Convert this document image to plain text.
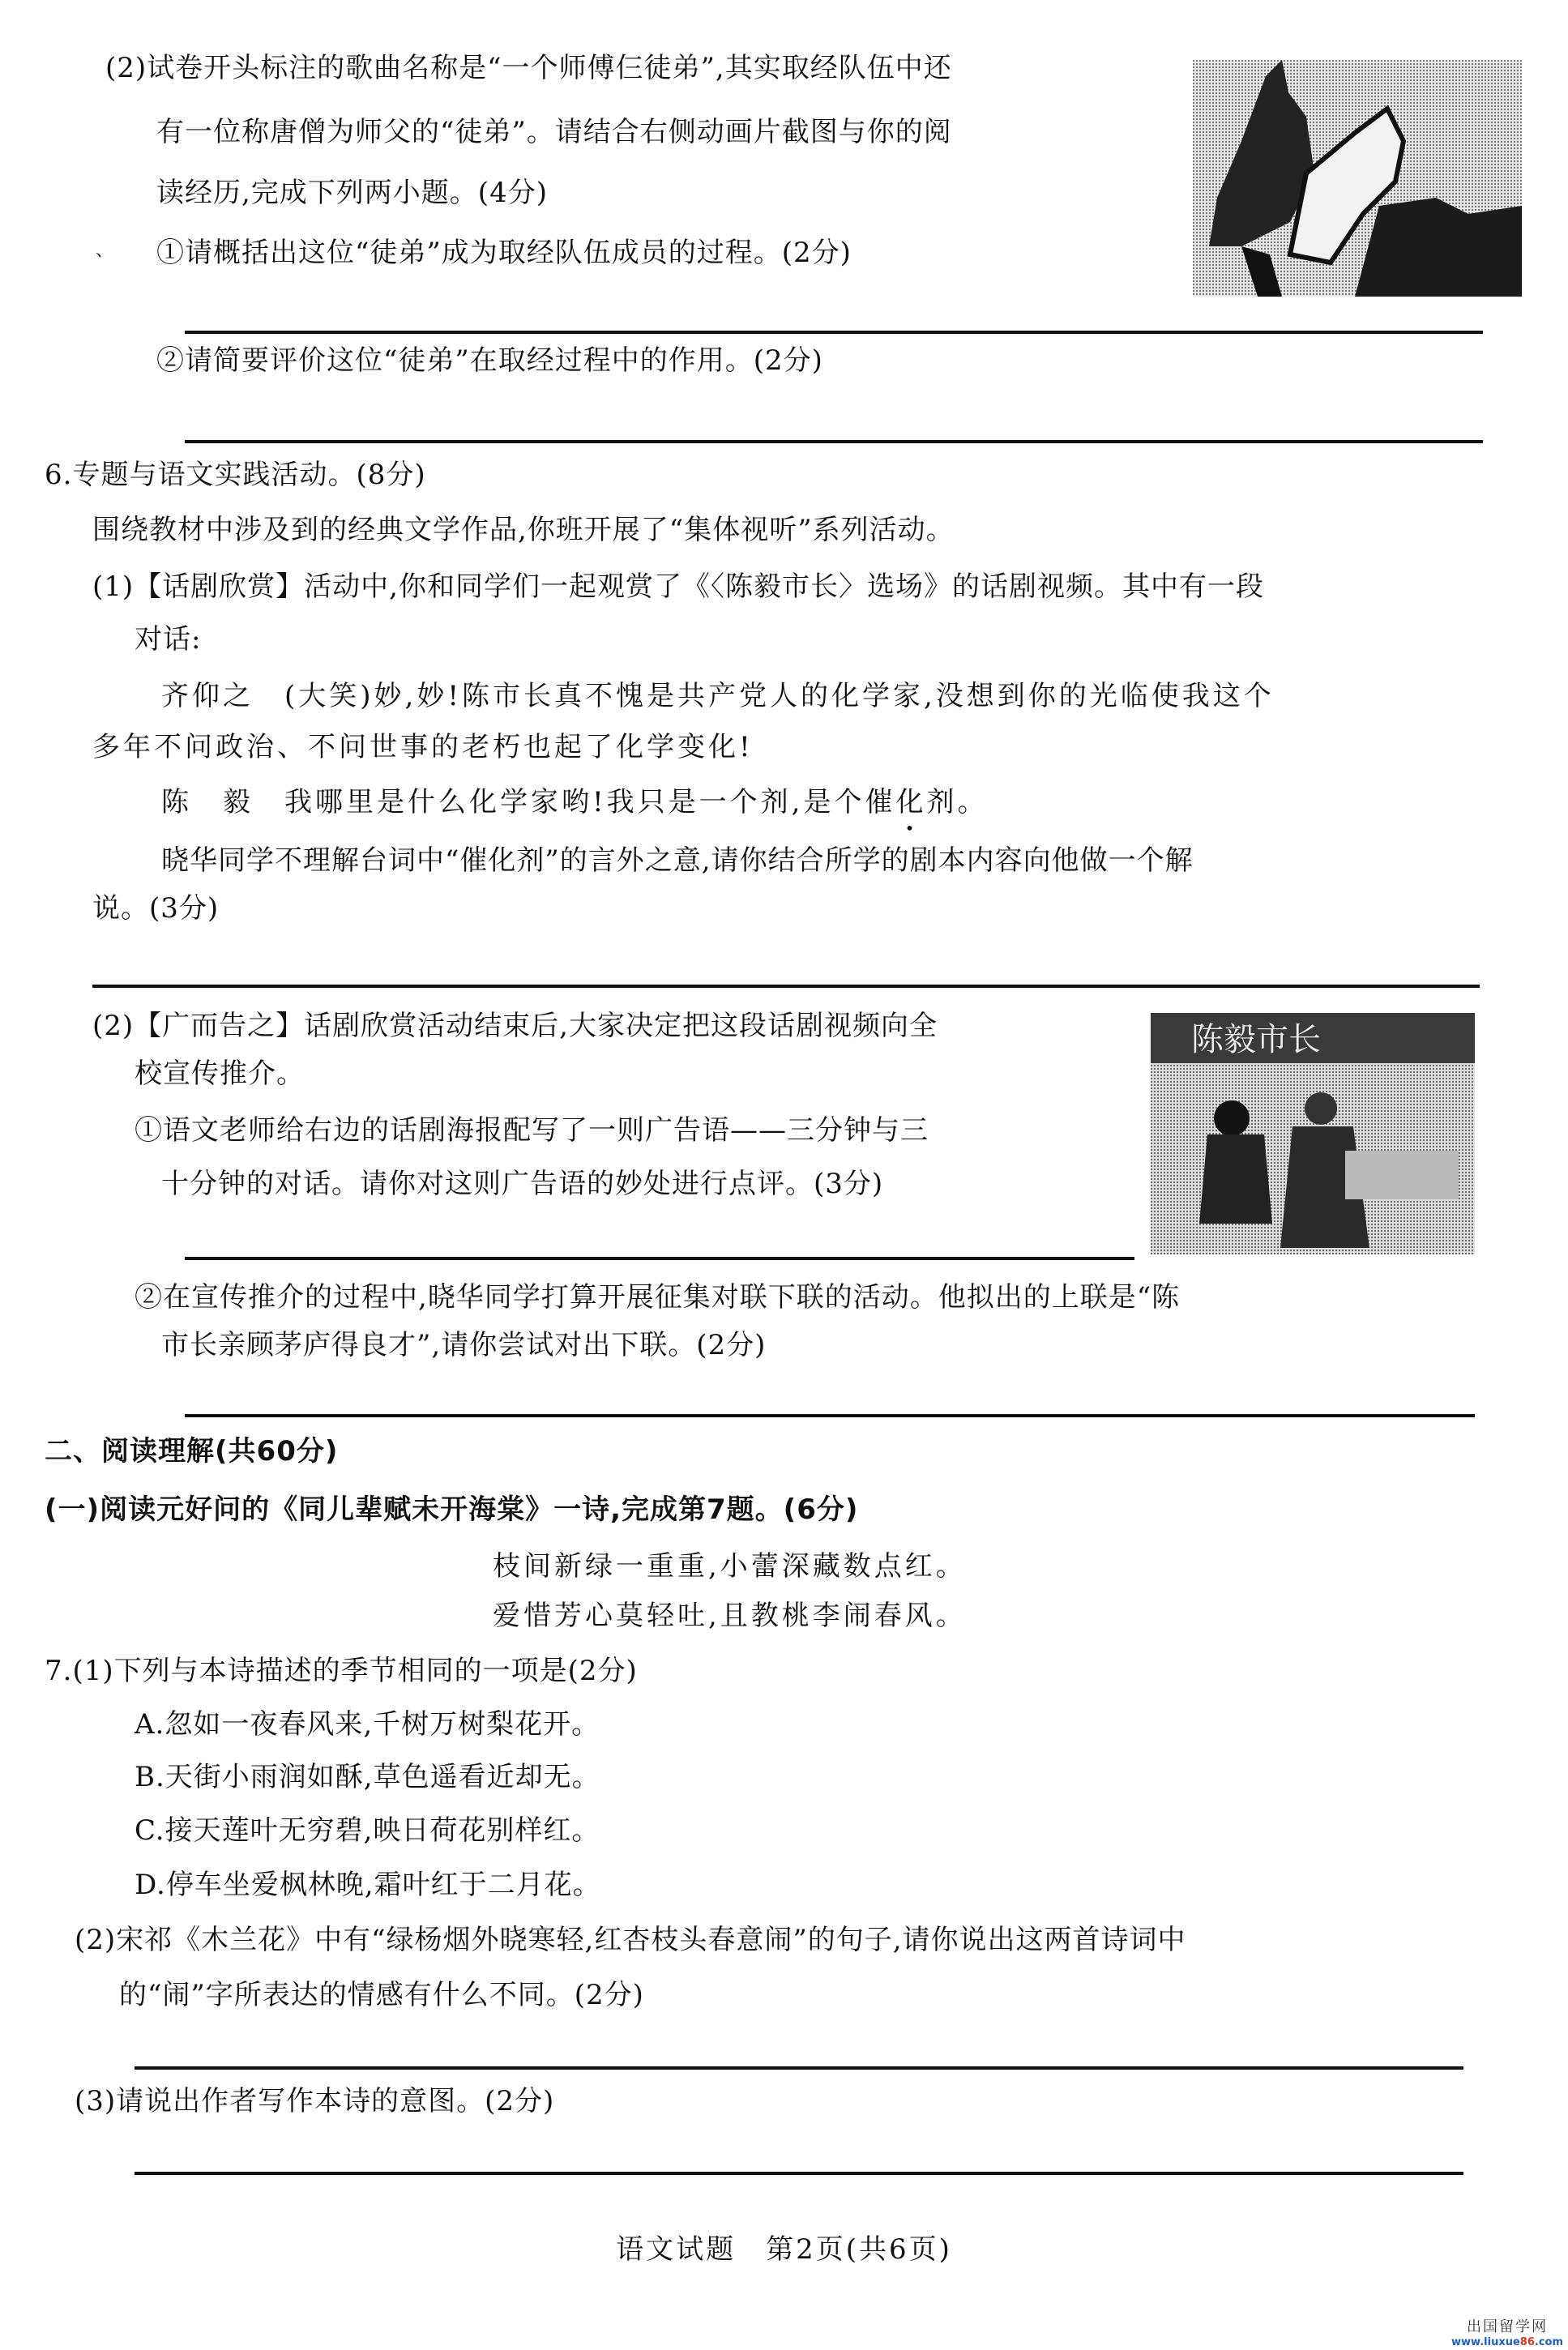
(2)试卷开头标注的歌曲名称是“一个师傅仨徒弟”,其实取经队伍中还
有一位称唐僧为师父的“徒弟”。请结合右侧动画片截图与你的阅
读经历,完成下列两小题。(4分)
、 ①请概括出这位“徒弟”成为取经队伍成员的过程。(2分)
②请简要评价这位“徒弟”在取经过程中的作用。(2分)
6.专题与语文实践活动。(8分)
围绕教材中涉及到的经典文学作品,你班开展了“集体视听”系列活动。
(1)【话剧欣赏】活动中,你和同学们一起观赏了《〈陈毅市长〉选场》的话剧视频。其中有一段
对话:
齐仰之　 (大笑)妙,妙!陈市长真不愧是共产党人的化学家,没想到你的光临使我这个
多年不问政治、不问世事的老朽也起了化学变化!
陈　毅　 我哪里是什么化学家哟!我只是一个剂,是个催化剂。
晓华同学不理解台词中“催化剂”的言外之意,请你结合所学的剧本内容向他做一个解
说。(3分)
(2)【广而告之】话剧欣赏活动结束后,大家决定把这段话剧视频向全
校宣传推介。
①语文老师给右边的话剧海报配写了一则广告语——三分钟与三
十分钟的对话。请你对这则广告语的妙处进行点评。(3分)
陈毅市长
②在宣传推介的过程中,晓华同学打算开展征集对联下联的活动。他拟出的上联是“陈
市长亲顾茅庐得良才”,请你尝试对出下联。(2分)
二、阅读理解(共60分)
(一)阅读元好问的《同儿辈赋未开海棠》一诗,完成第7题。(6分)
枝间新绿一重重,小蕾深藏数点红。
爱惜芳心莫轻吐,且教桃李闹春风。
7.(1)下列与本诗描述的季节相同的一项是(2分)
A.忽如一夜春风来,千树万树梨花开。
B.天街小雨润如酥,草色遥看近却无。
C.接天莲叶无穷碧,映日荷花别样红。
D.停车坐爱枫林晚,霜叶红于二月花。
(2)宋祁《木兰花》中有“绿杨烟外晓寒轻,红杏枝头春意闹”的句子,请你说出这两首诗词中
的“闹”字所表达的情感有什么不同。(2分)
(3)请说出作者写作本诗的意图。(2分)
语文试题　第2页(共6页)
出国留学网
www.liuxue86.com
